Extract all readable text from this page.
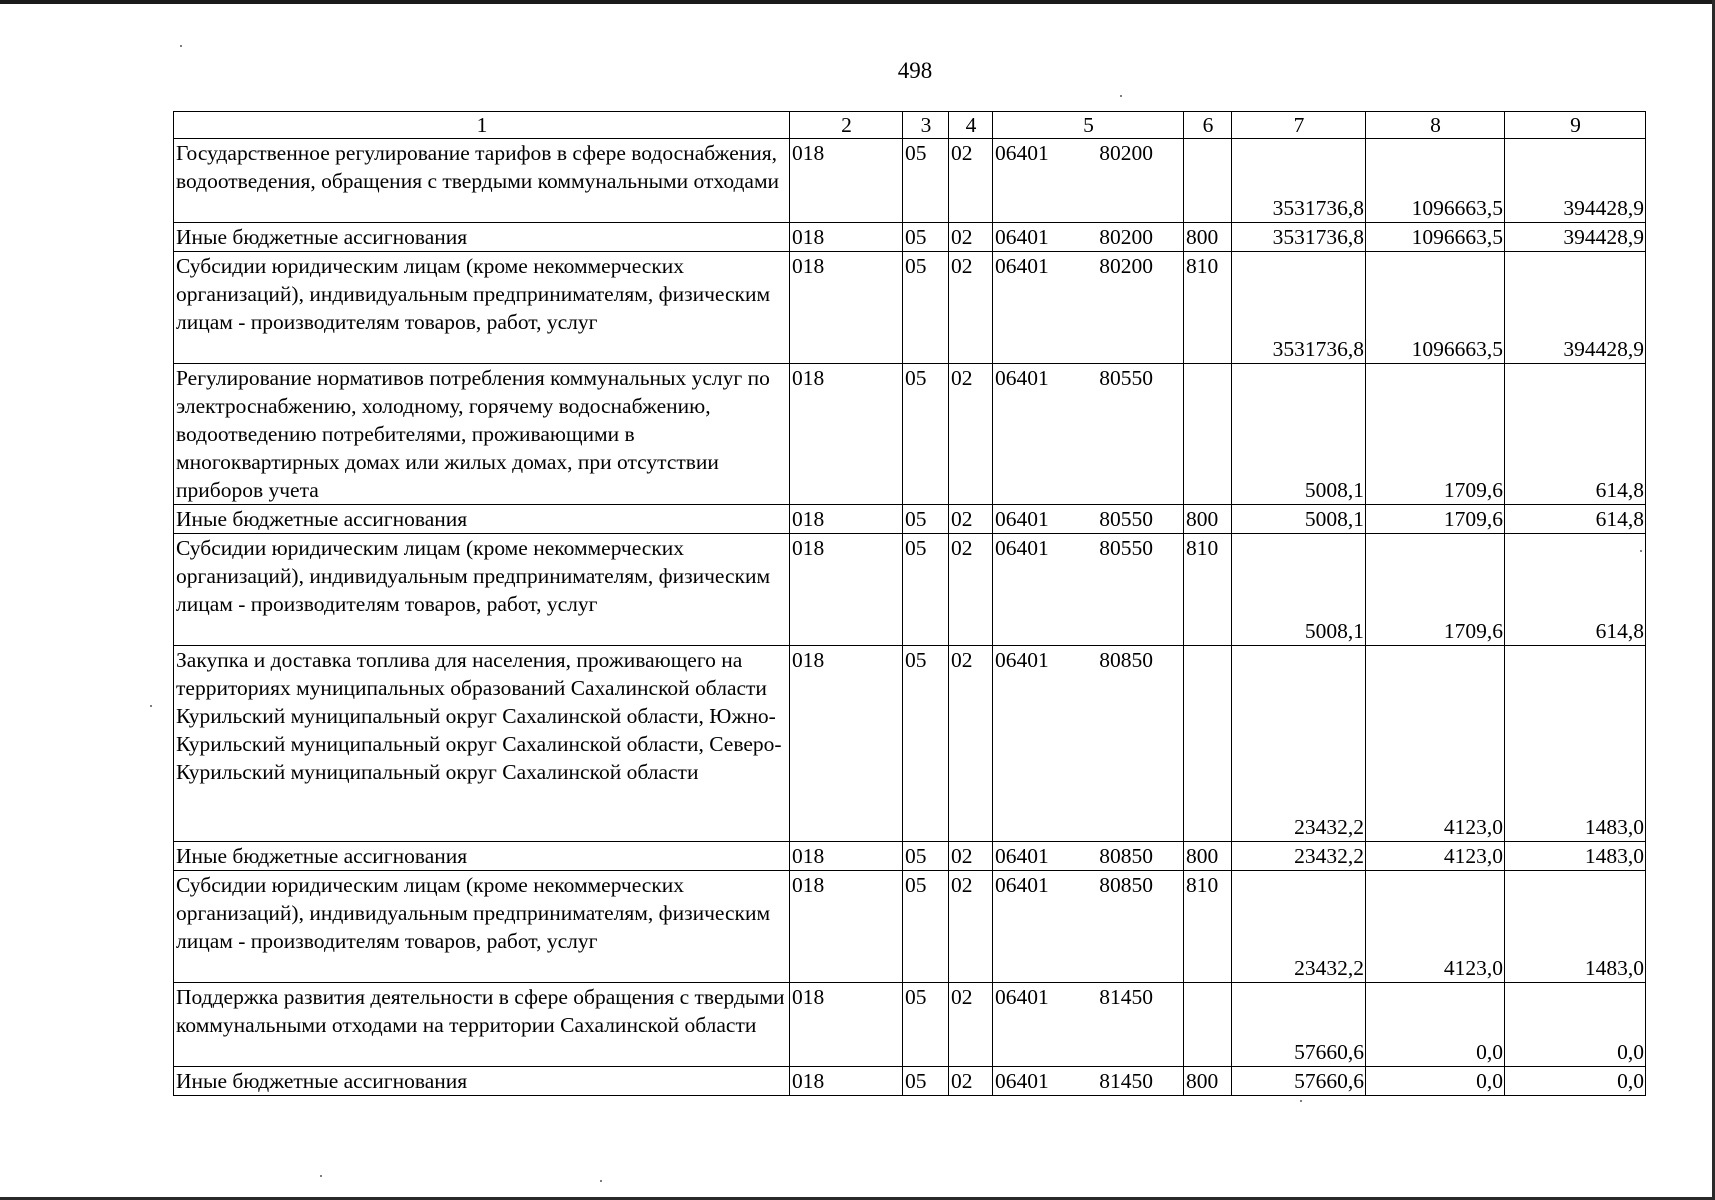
498
1	2	3	4	5	6	7	8	9
Государственное регулирование тарифов в сфере водоснабжения, водоотведения, обращения с твердыми коммунальными отходами	018	05	02	06401 80200		3531736,8	1096663,5	394428,9
Иные бюджетные ассигнования	018	05	02	06401 80200	800	3531736,8	1096663,5	394428,9
Субсидии юридическим лицам (кроме некоммерческих организаций), индивидуальным предпринимателям, физическим лицам - производителям товаров, работ, услуг	018	05	02	06401 80200	810	3531736,8	1096663,5	394428,9
Регулирование нормативов потребления коммунальных услуг по электроснабжению, холодному, горячему водоснабжению, водоотведению потребителями, проживающими в многоквартирных домах или жилых домах, при отсутствии приборов учета	018	05	02	06401 80550		5008,1	1709,6	614,8
Иные бюджетные ассигнования	018	05	02	06401 80550	800	5008,1	1709,6	614,8
Субсидии юридическим лицам (кроме некоммерческих организаций), индивидуальным предпринимателям, физическим лицам - производителям товаров, работ, услуг	018	05	02	06401 80550	810	5008,1	1709,6	614,8
Закупка и доставка топлива для населения, проживающего на территориях муниципальных образований Сахалинской области Курильский муниципальный округ Сахалинской области, Южно-Курильский муниципальный округ Сахалинской области, Северо-Курильский муниципальный округ Сахалинской области	018	05	02	06401 80850		23432,2	4123,0	1483,0
Иные бюджетные ассигнования	018	05	02	06401 80850	800	23432,2	4123,0	1483,0
Субсидии юридическим лицам (кроме некоммерческих организаций), индивидуальным предпринимателям, физическим лицам - производителям товаров, работ, услуг	018	05	02	06401 80850	810	23432,2	4123,0	1483,0
Поддержка развития деятельности в сфере обращения с твердыми коммунальными отходами на территории Сахалинской области	018	05	02	06401 81450		57660,6	0,0	0,0
Иные бюджетные ассигнования	018	05	02	06401 81450	800	57660,6	0,0	0,0
